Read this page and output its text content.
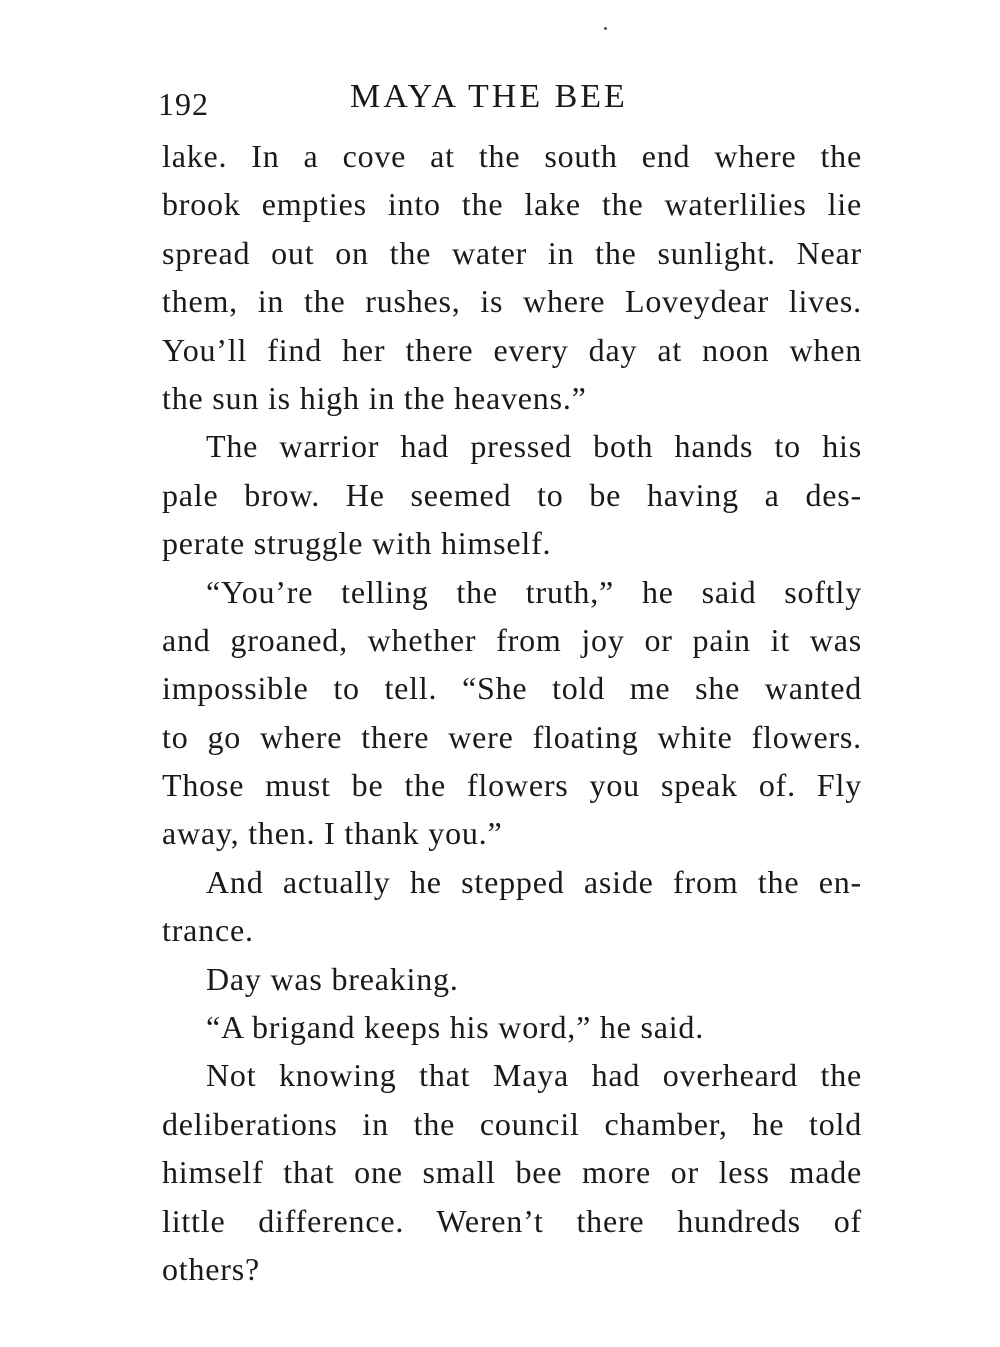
192	MAYA THE BEE
lake. In a cove at the south end where the
brook empties into the lake the waterlilies lie
spread out on the water in the sunlight. Near
them, in the rushes, is where Loveydear lives.
You’ll find her there every day at noon when
the sun is high in the heavens.”
The warrior had pressed both hands to his
pale brow. He seemed to be having a des-
perate struggle with himself.
“You’re telling the truth,” he said softly
and groaned, whether from joy or pain it was
impossible to tell. “She told me she wanted
to go where there were floating white flowers.
Those must be the flowers you speak of. Fly
away, then. I thank you.”
And actually he stepped aside from the en-
trance.
Day was breaking.
“A brigand keeps his word,” he said.
Not knowing that Maya had overheard the
deliberations in the council chamber, he told
himself that one small bee more or less made
little difference. Weren’t there hundreds of
others?
